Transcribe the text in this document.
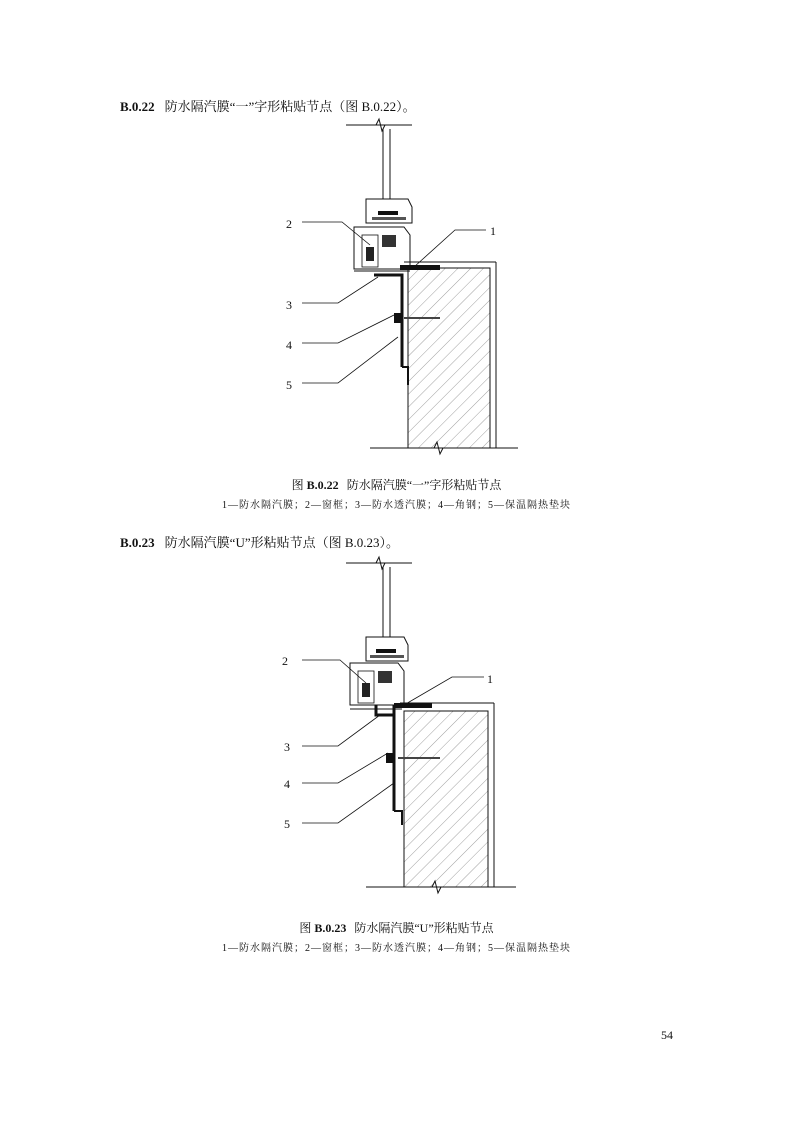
B.0.22 防水隔汽膜“一”字形粘贴节点（图 B.0.22）。
2	1
3
4
5
图 B.0.22 防水隔汽膜“一”字形粘贴节点
1—防水隔汽膜；2—窗框；3—防水透汽膜；4—角钢；5—保温隔热垫块
B.0.23 防水隔汽膜“U”形粘贴节点（图 B.0.23）。
2
1
3
4
5
图 B.0.23 防水隔汽膜“U”形粘贴节点
1—防水隔汽膜；2—窗框；3—防水透汽膜；4—角钢；5—保温隔热垫块
54
